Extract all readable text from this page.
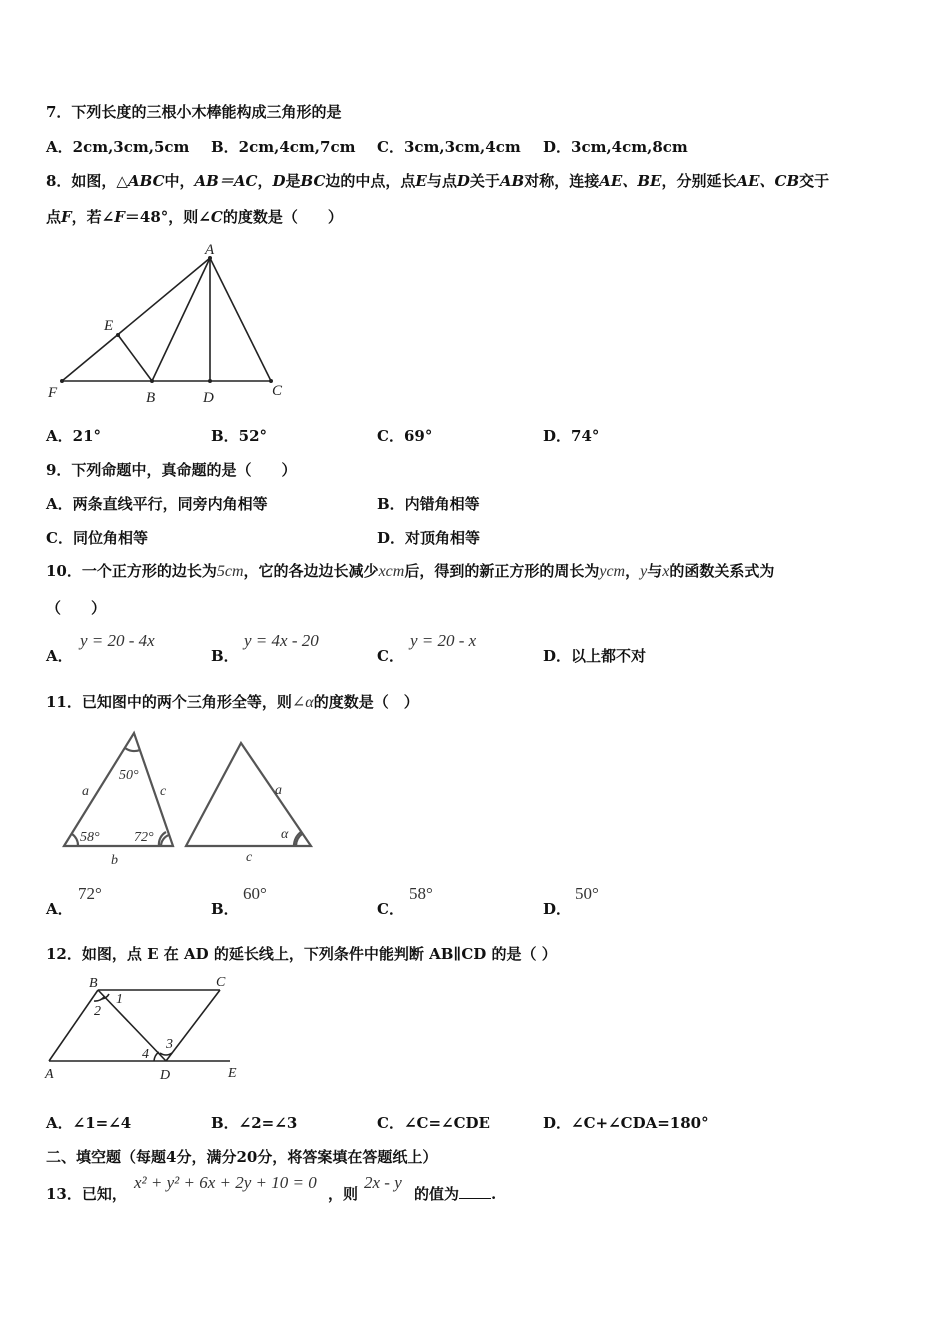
7．下列长度的三根小木棒能构成三角形的是
A．2cm,3cm,5cm B．2cm,4cm,7cm C．3cm,3cm,4cm D．3cm,4cm,8cm
8．如图，△ABC中，AB＝AC，D是BC边的中点，点E与点D关于AB对称，连接AE、BE，分别延长AE、CB交于
点F，若∠F＝48°，则∠C的度数是（　　）
A
E
F	B	D	C
A．21°	B．52°	C．69°	D．74°
9．下列命题中，真命题的是（　　）
A．两条直线平行，同旁内角相等	B．内错角相等
C．同位角相等	D．对顶角相等
10．一个正方形的边长为5cm，它的各边边长减少xcm后，得到的新正方形的周长为ycm，y与x的函数关系式为
（　　）
A．
y = 20 - 4x
B．
y = 4x - 20
C．
y = 20 - x
D．以上都不对
11．已知图中的两个三角形全等，则∠α的度数是（　）
a	c
b
50°
58° 72°
a
c
α
A．
72°
B．
60°
C．
58°
D．
50°
12．如图，点 E 在 AD 的延长线上，下列条件中能判断 AB∥CD 的是（ ）
B	C
A	D	E
1
2
3
4
A．∠1=∠4	B．∠2=∠3	C．∠C=∠CDE	D．∠C+∠CDA=180°
二、填空题（每题4分，满分20分，将答案填在答题纸上）
13．已知，
x² + y² + 6x + 2y + 10 = 0
，则
2x - y
的值为 .
